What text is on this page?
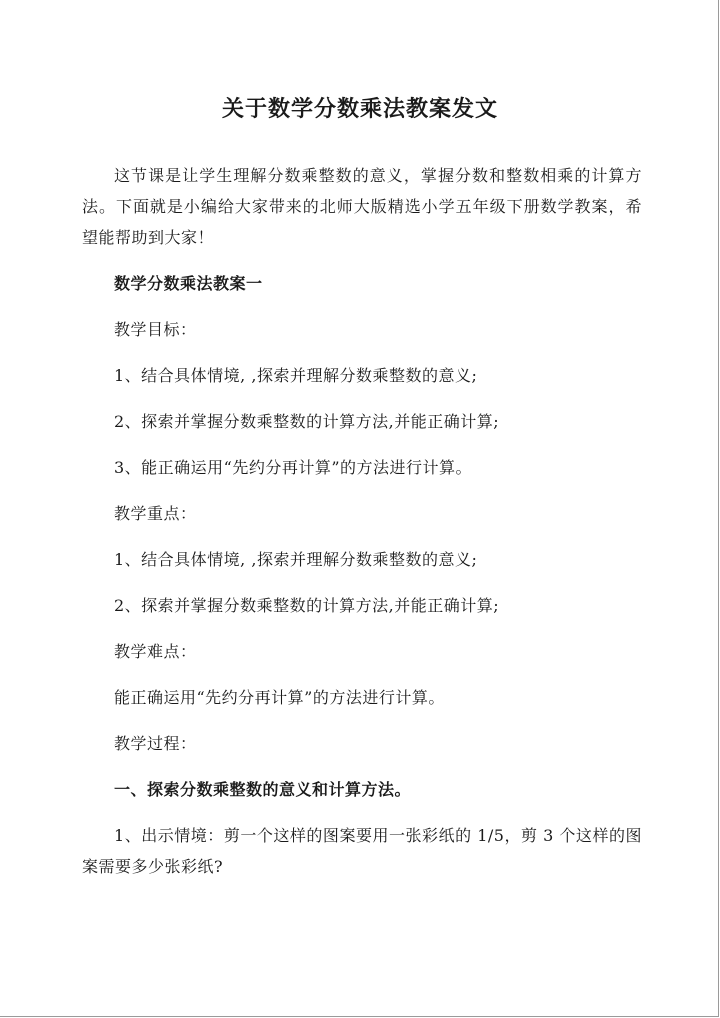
关于数学分数乘法教案发文

这节课是让学生理解分数乘整数的意义，掌握分数和整数相乘的计算方法。下面就是小编给大家带来的北师大版精选小学五年级下册数学教案，希望能帮助到大家！

数学分数乘法教案一

教学目标：

1、结合具体情境, ,探索并理解分数乘整数的意义;

2、探索并掌握分数乘整数的计算方法,并能正确计算;

3、能正确运用“先约分再计算”的方法进行计算。

教学重点：

1、结合具体情境, ,探索并理解分数乘整数的意义;

2、探索并掌握分数乘整数的计算方法,并能正确计算;

教学难点：

能正确运用“先约分再计算”的方法进行计算。

教学过程：

一、探索分数乘整数的意义和计算方法。

1、出示情境：剪一个这样的图案要用一张彩纸的 1/5，剪 3 个这样的图案需要多少张彩纸?
